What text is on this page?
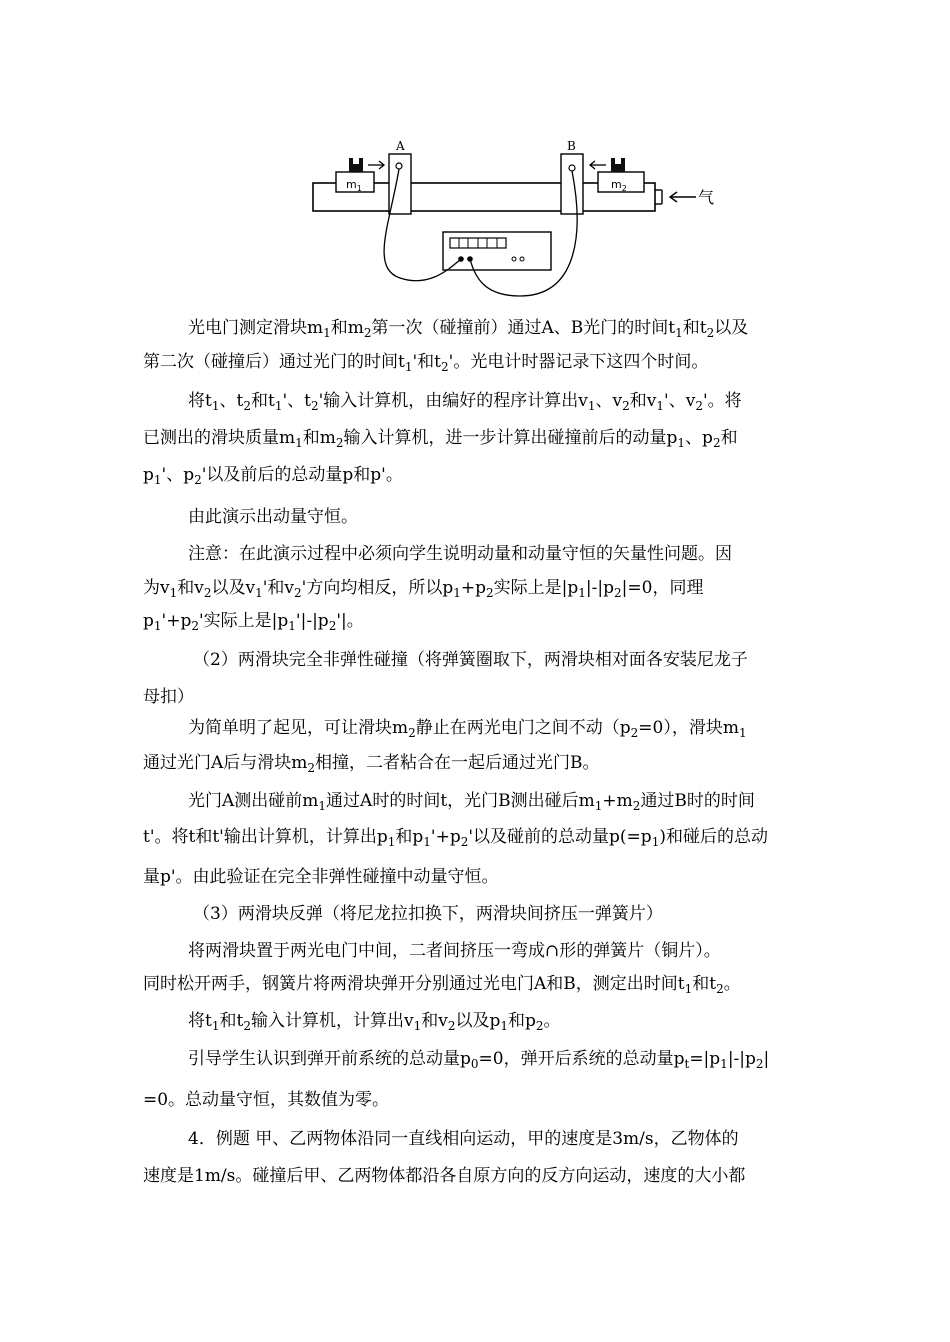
气
$m_1$
A	B
$m_2$

光电门测定滑块$m_1$和$m_2$第一次（碰撞前）通过A、B光门的时间$t_1$和$t_2$以及

第二次（碰撞后）通过光门的时间$t_1'$和$t_2'$。光电计时器记录下这四个时间。

将$t_1$、$t_2$和$t_1'$、$t_2'$输入计算机，由编好的程序计算出$v_1$、$v_2$和$v_1'$、$v_2'$。将

已测出的滑块质量$m_1$和$m_2$输入计算机，进一步计算出碰撞前后的动量$p_1$、$p_2$和

$p_1'$、$p_2'$以及前后的总动量p和p'。

由此演示出动量守恒。

注意：在此演示过程中必须向学生说明动量和动量守恒的矢量性问题。因

为$v_1$和$v_2$以及$v_1'$和$v_2'$方向均相反，所以$p_1+p_2$实际上是$|p_1|-|p_2|=0$，同理

$p_1'+p_2'$实际上是$|p_1'|-|p_2'|$。

（2）两滑块完全非弹性碰撞（将弹簧圈取下，两滑块相对面各安装尼龙子

母扣）

为简单明了起见，可让滑块$m_2$静止在两光电门之间不动$(p_2=0)$，滑块$m_1$

通过光门A后与滑块$m_2$相撞，二者粘合在一起后通过光门B。

光门A测出碰前$m_1$通过A时的时间t，光门B测出碰后$m_1+m_2$通过B时的时间

t'。将t和t'输出计算机，计算出$p_1$和$p_1'+p_2'$以及碰前的总动量$p(=p_1)$和碰后的总动

量p'。由此验证在完全非弹性碰撞中动量守恒。

（3）两滑块反弹（将尼龙拉扣换下，两滑块间挤压一弹簧片）

将两滑块置于两光电门中间，二者间挤压一弯成∩形的弹簧片（铜片）。

同时松开两手，钢簧片将两滑块弹开分别通过光电门A和B，测定出时间$t_1$和$t_2$。

将$t_1$和$t_2$输入计算机，计算出$v_1$和$v_2$以及$p_1$和$p_2$。

引导学生认识到弹开前系统的总动量$p_0=0$，弹开后系统的总动量$p_t=|p_1|-|p_2|$

=0。总动量守恒，其数值为零。

4．例题 甲、乙两物体沿同一直线相向运动，甲的速度是3m/s，乙物体的

速度是1m/s。碰撞后甲、乙两物体都沿各自原方向的反方向运动，速度的大小都
